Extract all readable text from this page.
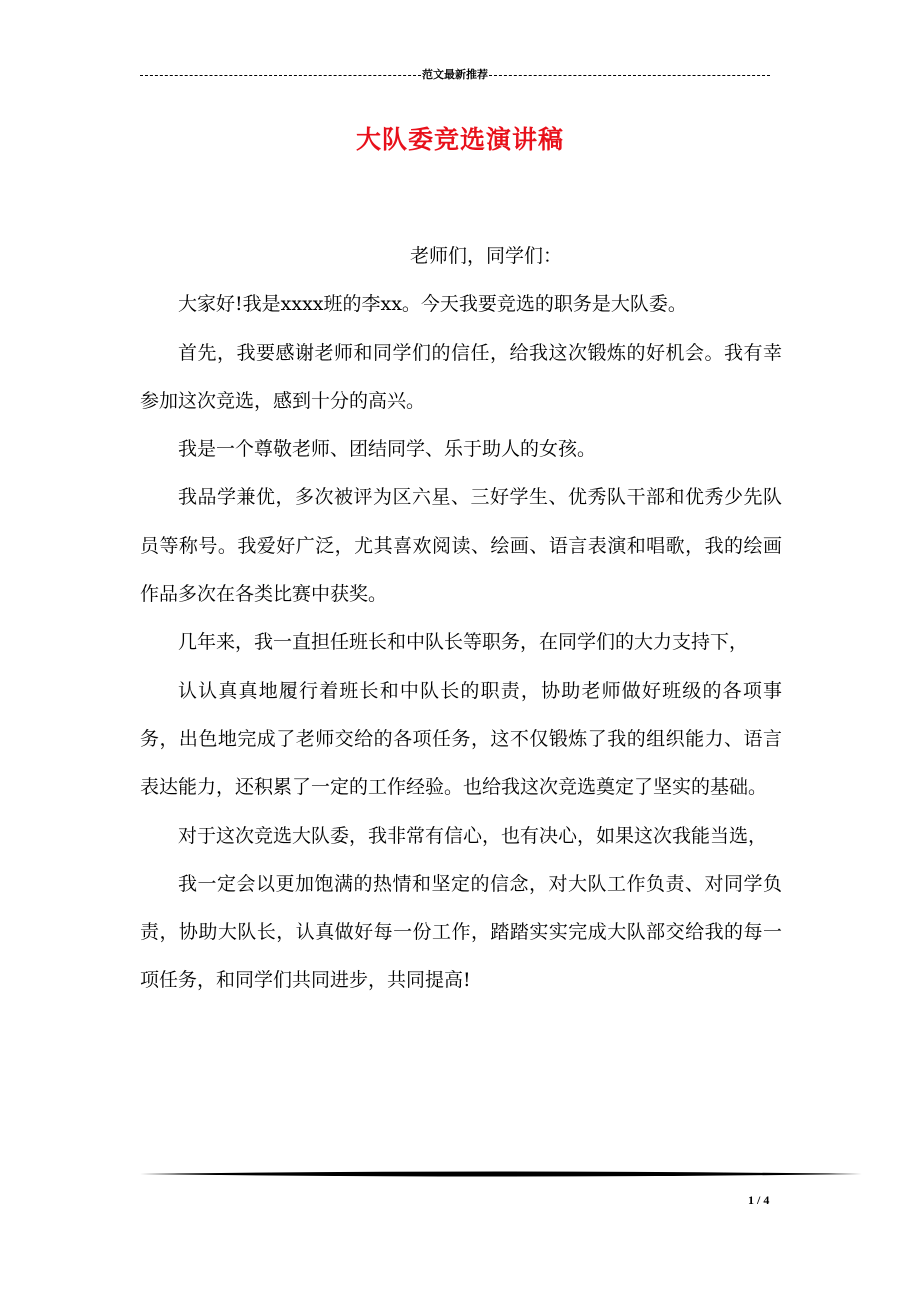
范文最新推荐
大队委竞选演讲稿

老师们，同学们：

大家好!我是xxxx班的李xx。今天我要竞选的职务是大队委。

首先，我要感谢老师和同学们的信任，给我这次锻炼的好机会。我有幸参加这次竞选，感到十分的高兴。

我是一个尊敬老师、团结同学、乐于助人的女孩。

我品学兼优，多次被评为区六星、三好学生、优秀队干部和优秀少先队员等称号。我爱好广泛，尤其喜欢阅读、绘画、语言表演和唱歌，我的绘画作品多次在各类比赛中获奖。

几年来，我一直担任班长和中队长等职务，在同学们的大力支持下，

认认真真地履行着班长和中队长的职责，协助老师做好班级的各项事务，出色地完成了老师交给的各项任务，这不仅锻炼了我的组织能力、语言表达能力，还积累了一定的工作经验。也给我这次竞选奠定了坚实的基础。

对于这次竞选大队委，我非常有信心，也有决心，如果这次我能当选，

我一定会以更加饱满的热情和坚定的信念，对大队工作负责、对同学负责，协助大队长，认真做好每一份工作，踏踏实实完成大队部交给我的每一项任务，和同学们共同进步，共同提高!

1 / 4
